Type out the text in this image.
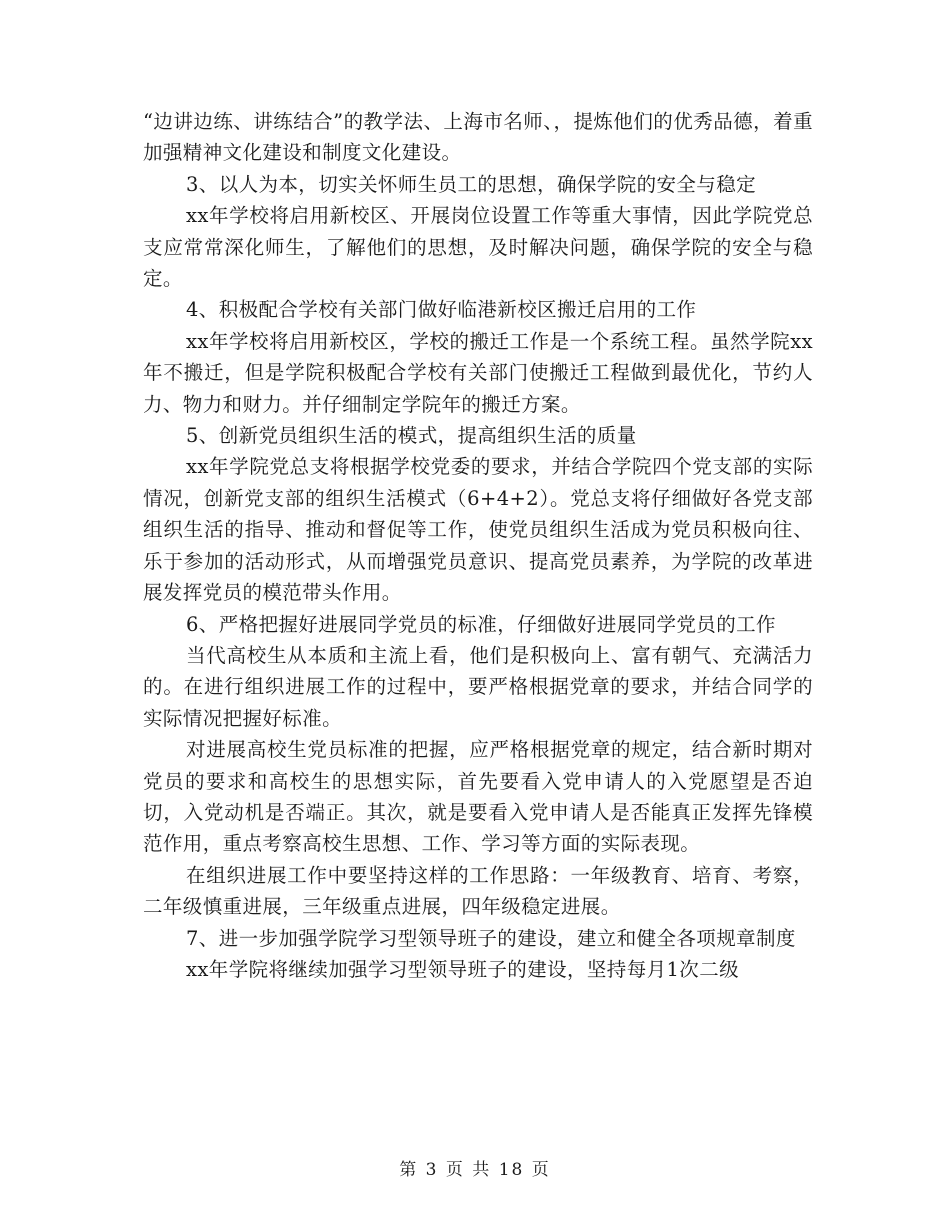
“边讲边练、讲练结合”的教学法、上海市名师、，提炼他们的优秀品德，着重加强精神文化建设和制度文化建设。

3、以人为本，切实关怀师生员工的思想，确保学院的安全与稳定

xx年学校将启用新校区、开展岗位设置工作等重大事情，因此学院党总支应常常深化师生，了解他们的思想，及时解决问题，确保学院的安全与稳定。

4、积极配合学校有关部门做好临港新校区搬迁启用的工作

xx年学校将启用新校区，学校的搬迁工作是一个系统工程。虽然学院xx年不搬迁，但是学院积极配合学校有关部门使搬迁工程做到最优化，节约人力、物力和财力。并仔细制定学院年的搬迁方案。

5、创新党员组织生活的模式，提高组织生活的质量

xx年学院党总支将根据学校党委的要求，并结合学院四个党支部的实际情况，创新党支部的组织生活模式（6+4+2）。党总支将仔细做好各党支部组织生活的指导、推动和督促等工作，使党员组织生活成为党员积极向往、乐于参加的活动形式，从而增强党员意识、提高党员素养，为学院的改革进展发挥党员的模范带头作用。

6、严格把握好进展同学党员的标准，仔细做好进展同学党员的工作

当代高校生从本质和主流上看，他们是积极向上、富有朝气、充满活力的。在进行组织进展工作的过程中，要严格根据党章的要求，并结合同学的实际情况把握好标准。

对进展高校生党员标准的把握，应严格根据党章的规定，结合新时期对党员的要求和高校生的思想实际，首先要看入党申请人的入党愿望是否迫切，入党动机是否端正。其次，就是要看入党申请人是否能真正发挥先锋模范作用，重点考察高校生思想、工作、学习等方面的实际表现。

在组织进展工作中要坚持这样的工作思路：一年级教育、培育、考察，二年级慎重进展，三年级重点进展，四年级稳定进展。

7、进一步加强学院学习型领导班子的建设，建立和健全各项规章制度

xx年学院将继续加强学习型领导班子的建设，坚持每月1次二级

第 3 页 共 18 页
